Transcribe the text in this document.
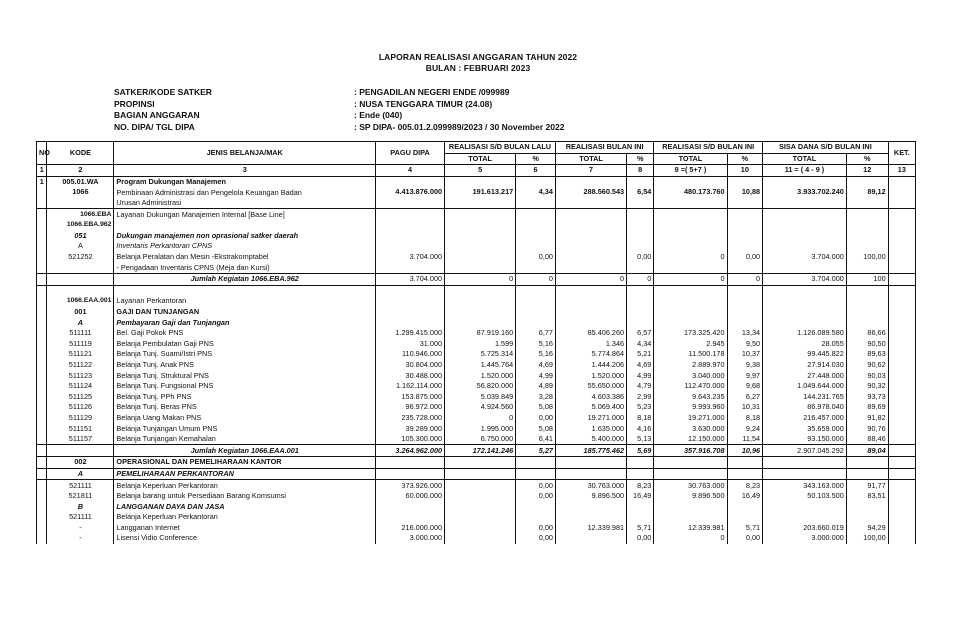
LAPORAN REALISASI ANGGARAN TAHUN 2022
BULAN : FEBRUARI 2023
SATKER/KODE SATKER	: PENGADILAN NEGERI ENDE /099989
PROPINSI	: NUSA TENGGARA TIMUR (24.08)
BAGIAN ANGGARAN	: Ende (040)
NO. DIPA/ TGL DIPA	: SP DIPA- 005.01.2.099989/2023 / 30 November 2022
NO	KODE	JENIS BELANJA/MAK	PAGU DIPA	REALISASI S/D BULAN LALU		REALISASI BULAN INI		REALISASI S/D BULAN INI		SISA DANA S/D BULAN INI		KET.
				TOTAL	%	TOTAL	%	TOTAL	%	TOTAL	%	
1	2	3	4	5	6	7	8	9 =( 5+7 )	10	11 = ( 4 - 9 )	12	13
1	005.01.WA	Program Dukungan Manajemen										
	1066	Pembinaan Administrasi dan Pengelola Keuangan Badan
Urusan Administrasi	4.413.876.000	191.613.217	4,34	288.560.543	6,54	480.173.760	10,88	3.933.702.240	89,12	
	1066.EBA	Layanan Dukungan Manajemen Internal [Base Line]										
	1066.EBA.962											
	051	Dukungan manajemen non oprasional satker daerah										
	A	Inventaris Perkantoran CPNS										
	521252	Belanja Peralatan dan Mesin -Ekstrakomptabel	3.704.000		0,00		0,00	0	0,00	3.704.000	100,00	
		- Pengadaan Inventaris CPNS (Meja dan Kursi)										
		Jumlah Kegiatan 1066.EBA.962	3.704.000	0	0	0	0	0	0	3.704.000	100	

	1066.EAA.001	Layanan Perkantoran										
	001	GAJI DAN TUNJANGAN										
	A	Pembayaran Gaji dan Tunjangan										
	511111	Bel. Gaji Pokok PNS	1.299.415.000	87.919.160	6,77	85.406.260	6,57	173.325.420	13,34	1.126.089.580	86,66	
	511119	Belanja Pembulatan Gaji PNS	31.000	1.599	5,16	1.346	4,34	2.945	9,50	28.055	90,50	
	511121	Belanja Tunj. Suami/Istri PNS	110.946.000	5.725.314	5,16	5.774.864	5,21	11.500.178	10,37	99.445.822	89,63	
	511122	Belanja Tunj. Anak PNS	30.804.000	1.445.764	4,69	1.444.206	4,69	2.889.970	9,38	27.914.030	90,62	
	511123	Belanja Tunj. Struktural PNS	30.488.000	1.520.000	4,99	1.520.000	4,99	3.040.000	9,97	27.448.000	90,03	
	511124	Belanja Tunj. Fungsional PNS	1.162.114.000	56.820.000	4,89	55.650.000	4,79	112.470.000	9,68	1.049.644.000	90,32	
	511125	Belanja Tunj. PPh PNS	153.875.000	5.039.849	3,28	4.603.386	2,99	9.643.235	6,27	144.231.765	93,73	
	511126	Belanja Tunj. Beras PNS	96.972.000	4.924.560	5,08	5.069.400	5,23	9.993.960	10,31	86.978.040	89,69	
	511129	Belanja Uang Makan PNS	235.728.000	0	0,00	19.271.000	8,18	19.271.000	8,18	216.457.000	91,82	
	511151	Belanja Tunjangan Umum PNS	39.289.000	1.995.000	5,08	1.635.000	4,16	3.630.000	9,24	35.659.000	90,76	
	511157	Belanja Tunjangan Kemahalan	105.300.000	6.750.000	6,41	5.400.000	5,13	12.150.000	11,54	93.150.000	88,46	
		Jumlah Kegiatan 1066.EAA.001	3.264.962.000	172.141.246	5,27	185.775.462	5,69	357.916.708	10,96	2.907.045.292	89,04	
	002	OPERASIONAL DAN PEMELIHARAAN KANTOR										
	A	PEMELIHARAAN PERKANTORAN										
	521111	Belanja Keperluan Perkantoran	373.926.000		0,00	30.763.000	8,23	30.763.000	8,23	343.163.000	91,77	
	521811	Belanja barang untuk Persediaan Barang Komsumsi	60.000.000		0,00	9.896.500	16,49	9.896.500	16,49	50.103.500	83,51	
	B	LANGGANAN DAYA DAN JASA										
	521111	Belanja Keperluan Perkantoran										
	-	Langganan Internet	216.000.000		0,00	12.339.981	5,71	12.339.981	5,71	203.660.019	94,29	
	-	Lisensi Vidio Conference	3.000.000		0,00		0,00	0	0,00	3.000.000	100,00	
